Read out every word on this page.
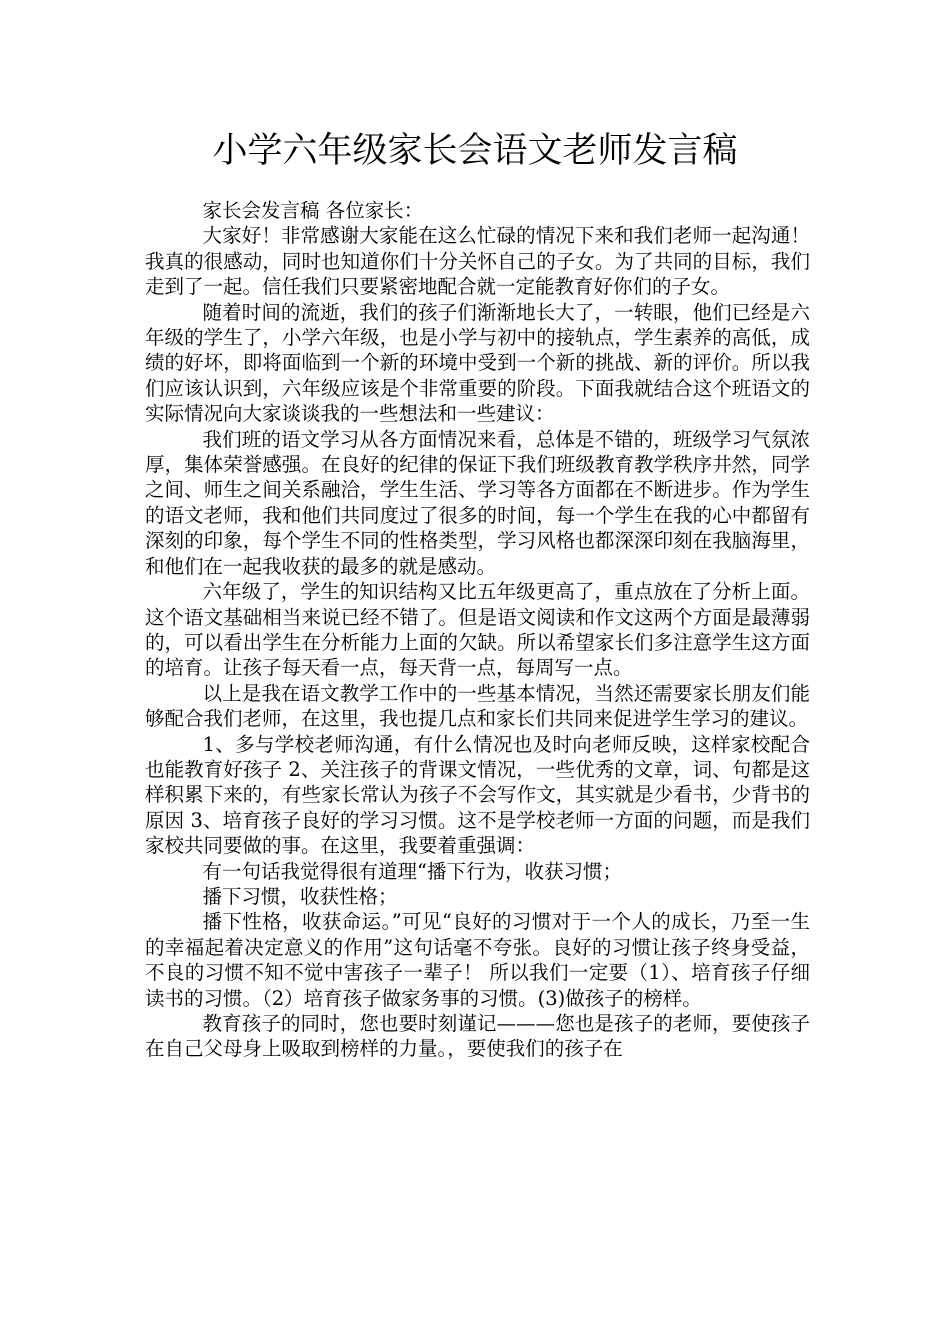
小学六年级家长会语文老师发言稿

家长会发言稿 各位家长：

大家好！非常感谢大家能在这么忙碌的情况下来和我们老师一起沟通！我真的很感动，同时也知道你们十分关怀自己的子女。为了共同的目标，我们走到了一起。信任我们只要紧密地配合就一定能教育好你们的子女。

随着时间的流逝，我们的孩子们渐渐地长大了，一转眼，他们已经是六年级的学生了，小学六年级，也是小学与初中的接轨点，学生素养的高低，成绩的好坏，即将面临到一个新的环境中受到一个新的挑战、新的评价。所以我们应该认识到，六年级应该是个非常重要的阶段。下面我就结合这个班语文的实际情况向大家谈谈我的一些想法和一些建议：

我们班的语文学习从各方面情况来看，总体是不错的，班级学习气氛浓厚，集体荣誉感强。在良好的纪律的保证下我们班级教育教学秩序井然，同学之间、师生之间关系融洽，学生生活、学习等各方面都在不断进步。作为学生的语文老师，我和他们共同度过了很多的时间，每一个学生在我的心中都留有深刻的印象，每个学生不同的性格类型，学习风格也都深深印刻在我脑海里，和他们在一起我收获的最多的就是感动。

六年级了，学生的知识结构又比五年级更高了，重点放在了分析上面。这个语文基础相当来说已经不错了。但是语文阅读和作文这两个方面是最薄弱的，可以看出学生在分析能力上面的欠缺。所以希望家长们多注意学生这方面的培育。让孩子每天看一点，每天背一点，每周写一点。

以上是我在语文教学工作中的一些基本情况，当然还需要家长朋友们能够配合我们老师，在这里，我也提几点和家长们共同来促进学生学习的建议。

1、多与学校老师沟通，有什么情况也及时向老师反映，这样家校配合也能教育好孩子 2、关注孩子的背课文情况，一些优秀的文章，词、句都是这样积累下来的，有些家长常认为孩子不会写作文，其实就是少看书，少背书的原因 3、培育孩子良好的学习习惯。这不是学校老师一方面的问题，而是我们家校共同要做的事。在这里，我要着重强调：

有一句话我觉得很有道理“播下行为，收获习惯；

播下习惯，收获性格；

播下性格，收获命运。”可见“良好的习惯对于一个人的成长，乃至一生的幸福起着决定意义的作用”这句话毫不夸张。良好的习惯让孩子终身受益，不良的习惯不知不觉中害孩子一辈子！ 所以我们一定要（1）、培育孩子仔细读书的习惯。（2）培育孩子做家务事的习惯。(3)做孩子的榜样。

教育孩子的同时，您也要时刻谨记———您也是孩子的老师，要使孩子在自己父母身上吸取到榜样的力量。，要使我们的孩子在
